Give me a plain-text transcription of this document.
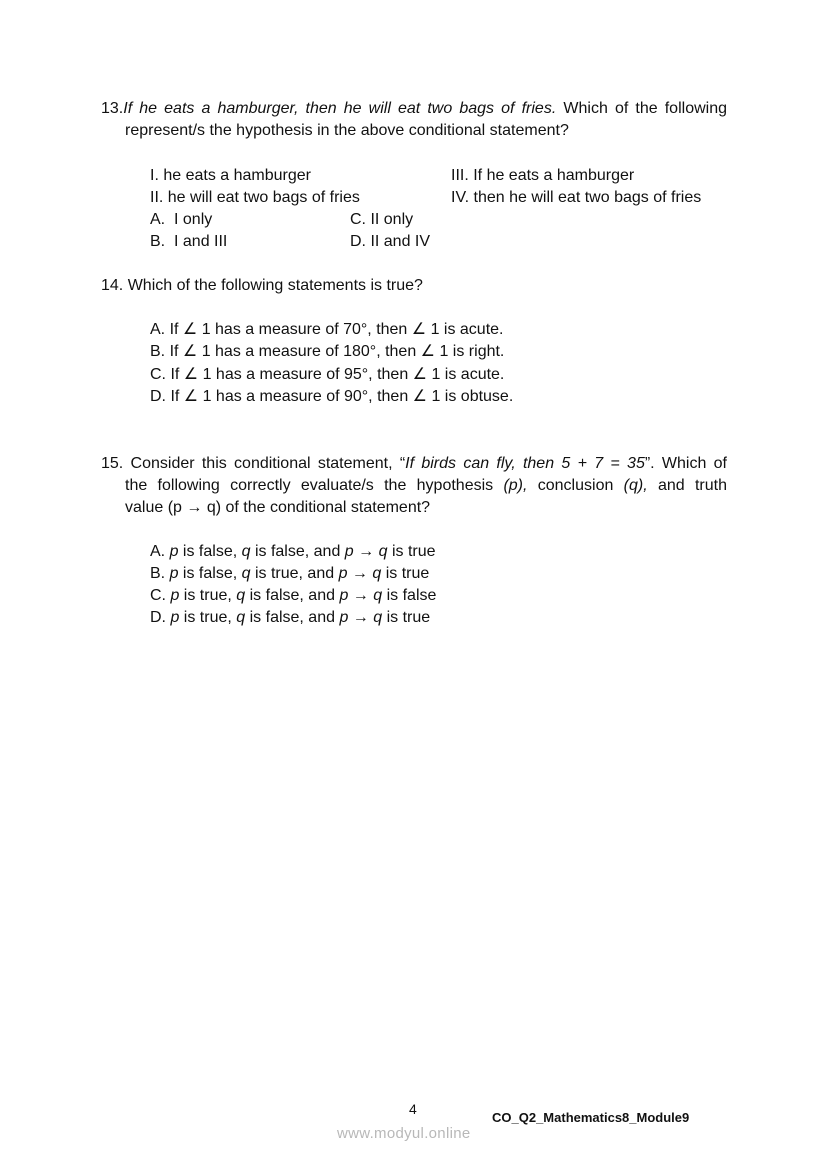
13.If he eats a hamburger, then he will eat two bags of fries. Which of the following
represent/s the hypothesis in the above conditional statement?
I. he eats a hamburger
II. he will eat two bags of fries
III. If he eats a hamburger
IV. then he will eat two bags of fries
A.  I only
B.  I and III
C. II only
D. II and IV
14. Which of the following statements is true?
A. If ∠ 1 has a measure of 70°, then ∠ 1 is acute.
B. If ∠ 1 has a measure of 180°, then ∠ 1 is right.
C. If ∠ 1 has a measure of 95°, then ∠ 1 is acute.
D. If ∠ 1 has a measure of 90°, then ∠ 1 is obtuse.
15. Consider this conditional statement, “If birds can fly, then 5 + 7 = 35”. Which of
the following correctly evaluate/s the hypothesis (p), conclusion (q), and truth
value (p → q) of the conditional statement?
A. p is false, q is false, and p → q is true
B. p is false, q is true, and p → q is true
C. p is true, q is false, and p → q is false
D. p is true, q is false, and p → q is true
4
CO_Q2_Mathematics8_Module9
www.modyul.online
